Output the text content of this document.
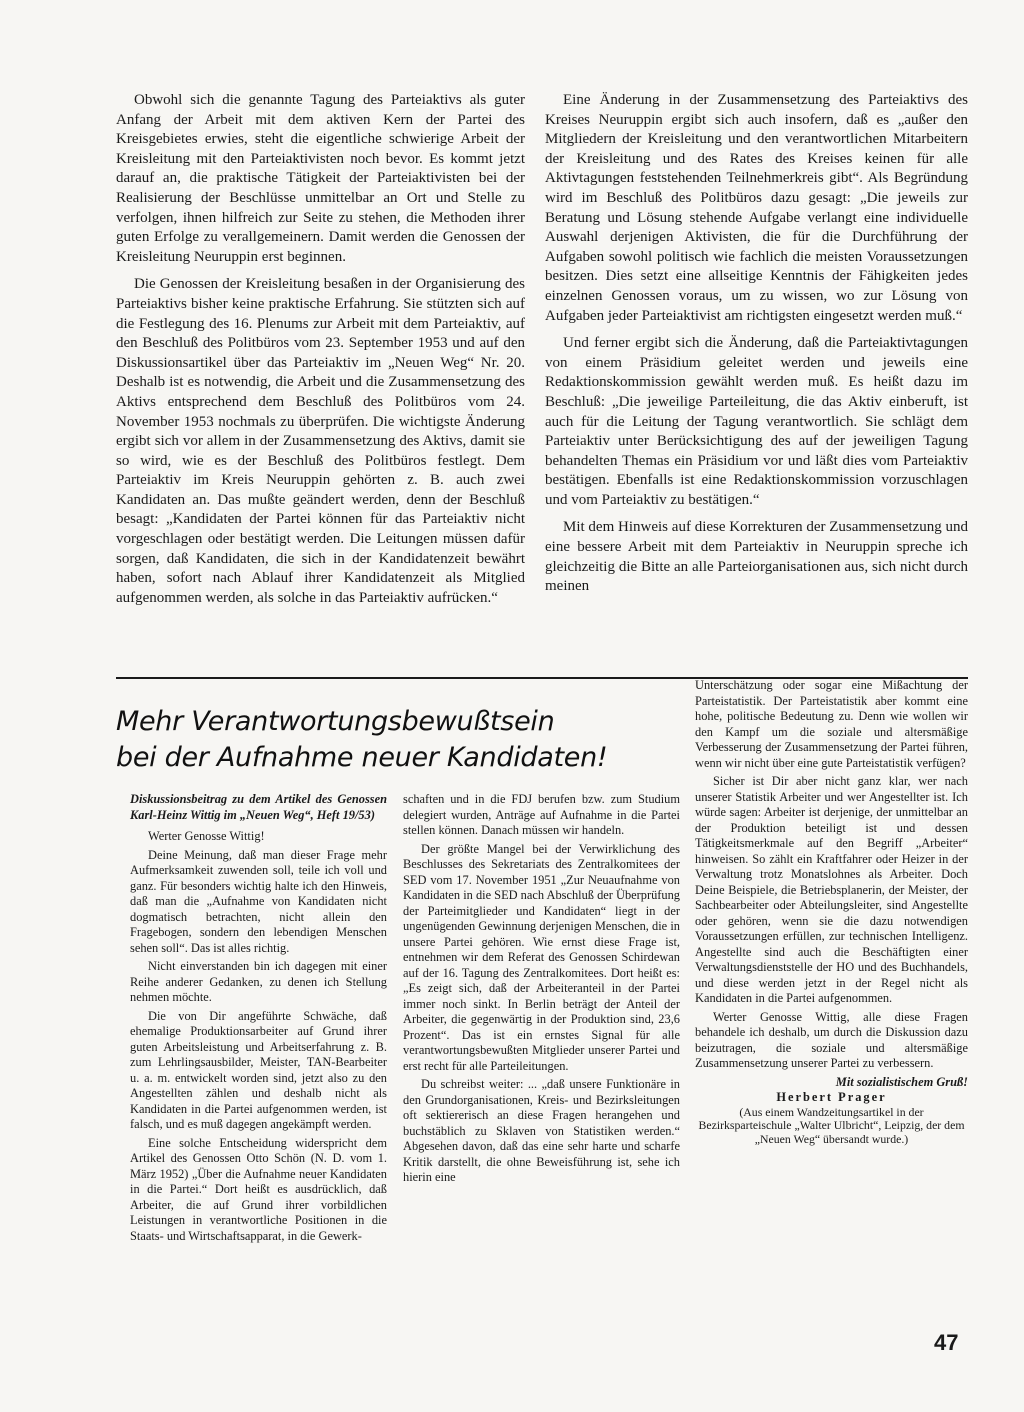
Obwohl sich die genannte Tagung des Parteiaktivs als guter Anfang der Arbeit mit dem aktiven Kern der Partei des Kreisgebietes erwies, steht die eigentliche schwierige Arbeit der Kreisleitung mit den Parteiaktivisten noch bevor. Es kommt jetzt darauf an, die praktische Tätigkeit der Parteiaktivisten bei der Realisierung der Beschlüsse unmittelbar an Ort und Stelle zu verfolgen, ihnen hilfreich zur Seite zu stehen, die Methoden ihrer guten Erfolge zu verallgemeinern. Damit werden die Genossen der Kreisleitung Neuruppin erst beginnen.

Die Genossen der Kreisleitung besaßen in der Organisierung des Parteiaktivs bisher keine praktische Erfahrung. Sie stützten sich auf die Festlegung des 16. Plenums zur Arbeit mit dem Parteiaktiv, auf den Beschluß des Politbüros vom 23. September 1953 und auf den Diskussionsartikel über das Parteiaktiv im „Neuen Weg“ Nr. 20. Deshalb ist es notwendig, die Arbeit und die Zusammensetzung des Aktivs entsprechend dem Beschluß des Politbüros vom 24. November 1953 nochmals zu überprüfen. Die wichtigste Änderung ergibt sich vor allem in der Zusammensetzung des Aktivs, damit sie so wird, wie es der Beschluß des Politbüros festlegt. Dem Parteiaktiv im Kreis Neuruppin gehörten z. B. auch zwei Kandidaten an. Das mußte geändert werden, denn der Beschluß besagt: „Kandidaten der Partei können für das Parteiaktiv nicht vorgeschlagen oder bestätigt werden. Die Leitungen müssen dafür sorgen, daß Kandidaten, die sich in der Kandidatenzeit bewährt haben, sofort nach Ablauf ihrer Kandidatenzeit als Mitglied aufgenommen werden, als solche in das Parteiaktiv aufrücken.“

Eine Änderung in der Zusammensetzung des Parteiaktivs des Kreises Neuruppin ergibt sich auch insofern, daß es „außer den Mitgliedern der Kreisleitung und den verantwortlichen Mitarbeitern der Kreisleitung und des Rates des Kreises keinen für alle Aktivtagungen feststehenden Teilnehmerkreis gibt“. Als Begründung wird im Beschluß des Politbüros dazu gesagt: „Die jeweils zur Beratung und Lösung stehende Aufgabe verlangt eine individuelle Auswahl derjenigen Aktivisten, die für die Durchführung der Aufgaben sowohl politisch wie fachlich die meisten Voraussetzungen besitzen. Dies setzt eine allseitige Kenntnis der Fähigkeiten jedes einzelnen Genossen voraus, um zu wissen, wo zur Lösung von Aufgaben jeder Parteiaktivist am richtigsten eingesetzt werden muß.“

Und ferner ergibt sich die Änderung, daß die Parteiaktivtagungen von einem Präsidium geleitet werden und jeweils eine Redaktionskommission gewählt werden muß. Es heißt dazu im Beschluß: „Die jeweilige Parteileitung, die das Aktiv einberuft, ist auch für die Leitung der Tagung verantwortlich. Sie schlägt dem Parteiaktiv unter Berücksichtigung des auf der jeweiligen Tagung behandelten Themas ein Präsidium vor und läßt dies vom Parteiaktiv bestätigen. Ebenfalls ist eine Redaktionskommission vorzuschlagen und vom Parteiaktiv zu bestätigen.“

Mit dem Hinweis auf diese Korrekturen der Zusammensetzung und eine bessere Arbeit mit dem Parteiaktiv in Neuruppin spreche ich gleichzeitig die Bitte an alle Parteiorganisationen aus, sich nicht durch meinen

Mehr Verantwortungsbewußtsein
bei der Aufnahme neuer Kandidaten!

Diskussionsbeitrag zu dem Artikel des Genossen Karl-Heinz Wittig im „Neuen Weg“, Heft 19/53)

Werter Genosse Wittig!

Deine Meinung, daß man dieser Frage mehr Aufmerksamkeit zuwenden soll, teile ich voll und ganz. Für besonders wichtig halte ich den Hinweis, daß man die „Aufnahme von Kandidaten nicht dogmatisch betrachten, nicht allein den Fragebogen, sondern den lebendigen Menschen sehen soll“. Das ist alles richtig.

Nicht einverstanden bin ich dagegen mit einer Reihe anderer Gedanken, zu denen ich Stellung nehmen möchte.

Die von Dir angeführte Schwäche, daß ehemalige Produktionsarbeiter auf Grund ihrer guten Arbeitsleistung und Arbeitserfahrung z. B. zum Lehrlingsausbilder, Meister, TAN-Bearbeiter u. a. m. entwickelt worden sind, jetzt also zu den Angestellten zählen und deshalb nicht als Kandidaten in die Partei aufgenommen werden, ist falsch, und es muß dagegen angekämpft werden.

Eine solche Entscheidung widerspricht dem Artikel des Genossen Otto Schön (N. D. vom 1. März 1952) „Über die Aufnahme neuer Kandidaten in die Partei.“ Dort heißt es ausdrücklich, daß Arbeiter, die auf Grund ihrer vorbildlichen Leistungen in verantwortliche Positionen in die Staats- und Wirtschaftsapparat, in die Gewerk-

schaften und in die FDJ berufen bzw. zum Studium delegiert wurden, Anträge auf Aufnahme in die Partei stellen können. Danach müssen wir handeln.

Der größte Mangel bei der Verwirklichung des Beschlusses des Sekretariats des Zentralkomitees der SED vom 17. November 1951 „Zur Neuaufnahme von Kandidaten in die SED nach Abschluß der Überprüfung der Parteimitglieder und Kandidaten“ liegt in der ungenügenden Gewinnung derjenigen Menschen, die in unsere Partei gehören. Wie ernst diese Frage ist, entnehmen wir dem Referat des Genossen Schirdewan auf der 16. Tagung des Zentralkomitees. Dort heißt es: „Es zeigt sich, daß der Arbeiteranteil in der Partei immer noch sinkt. In Berlin beträgt der Anteil der Arbeiter, die gegenwärtig in der Produktion sind, 23,6 Prozent“. Das ist ein ernstes Signal für alle verantwortungsbewußten Mitglieder unserer Partei und erst recht für alle Parteileitungen.

Du schreibst weiter: ... „daß unsere Funktionäre in den Grundorganisationen, Kreis- und Bezirksleitungen oft sektiererisch an diese Fragen herangehen und buchstäblich zu Sklaven von Statistiken werden.“ Abgesehen davon, daß das eine sehr harte und scharfe Kritik darstellt, die ohne Beweisführung ist, sehe ich hierin eine

Unterschätzung oder sogar eine Mißachtung der Parteistatistik. Der Parteistatistik aber kommt eine hohe, politische Bedeutung zu. Denn wie wollen wir den Kampf um die soziale und altersmäßige Verbesserung der Zusammensetzung der Partei führen, wenn wir nicht über eine gute Parteistatistik verfügen?

Sicher ist Dir aber nicht ganz klar, wer nach unserer Statistik Arbeiter und wer Angestellter ist. Ich würde sagen: Arbeiter ist derjenige, der unmittelbar an der Produktion beteiligt ist und dessen Tätigkeitsmerkmale auf den Begriff „Arbeiter“ hinweisen. So zählt ein Kraftfahrer oder Heizer in der Verwaltung trotz Monatslohnes als Arbeiter. Doch Deine Beispiele, die Betriebsplanerin, der Meister, der Sachbearbeiter oder Abteilungsleiter, sind Angestellte oder gehören, wenn sie die dazu notwendigen Voraussetzungen erfüllen, zur technischen Intelligenz. Angestellte sind auch die Beschäftigten einer Verwaltungsdienststelle der HO und des Buchhandels, und diese werden jetzt in der Regel nicht als Kandidaten in die Partei aufgenommen.

Werter Genosse Wittig, alle diese Fragen behandele ich deshalb, um durch die Diskussion dazu beizutragen, die soziale und altersmäßige Zusammensetzung unserer Partei zu verbessern.

Mit sozialistischem Gruß!

Herbert Prager

(Aus einem Wandzeitungsartikel in der Bezirksparteischule „Walter Ulbricht“, Leipzig, der dem „Neuen Weg“ übersandt wurde.)

47
